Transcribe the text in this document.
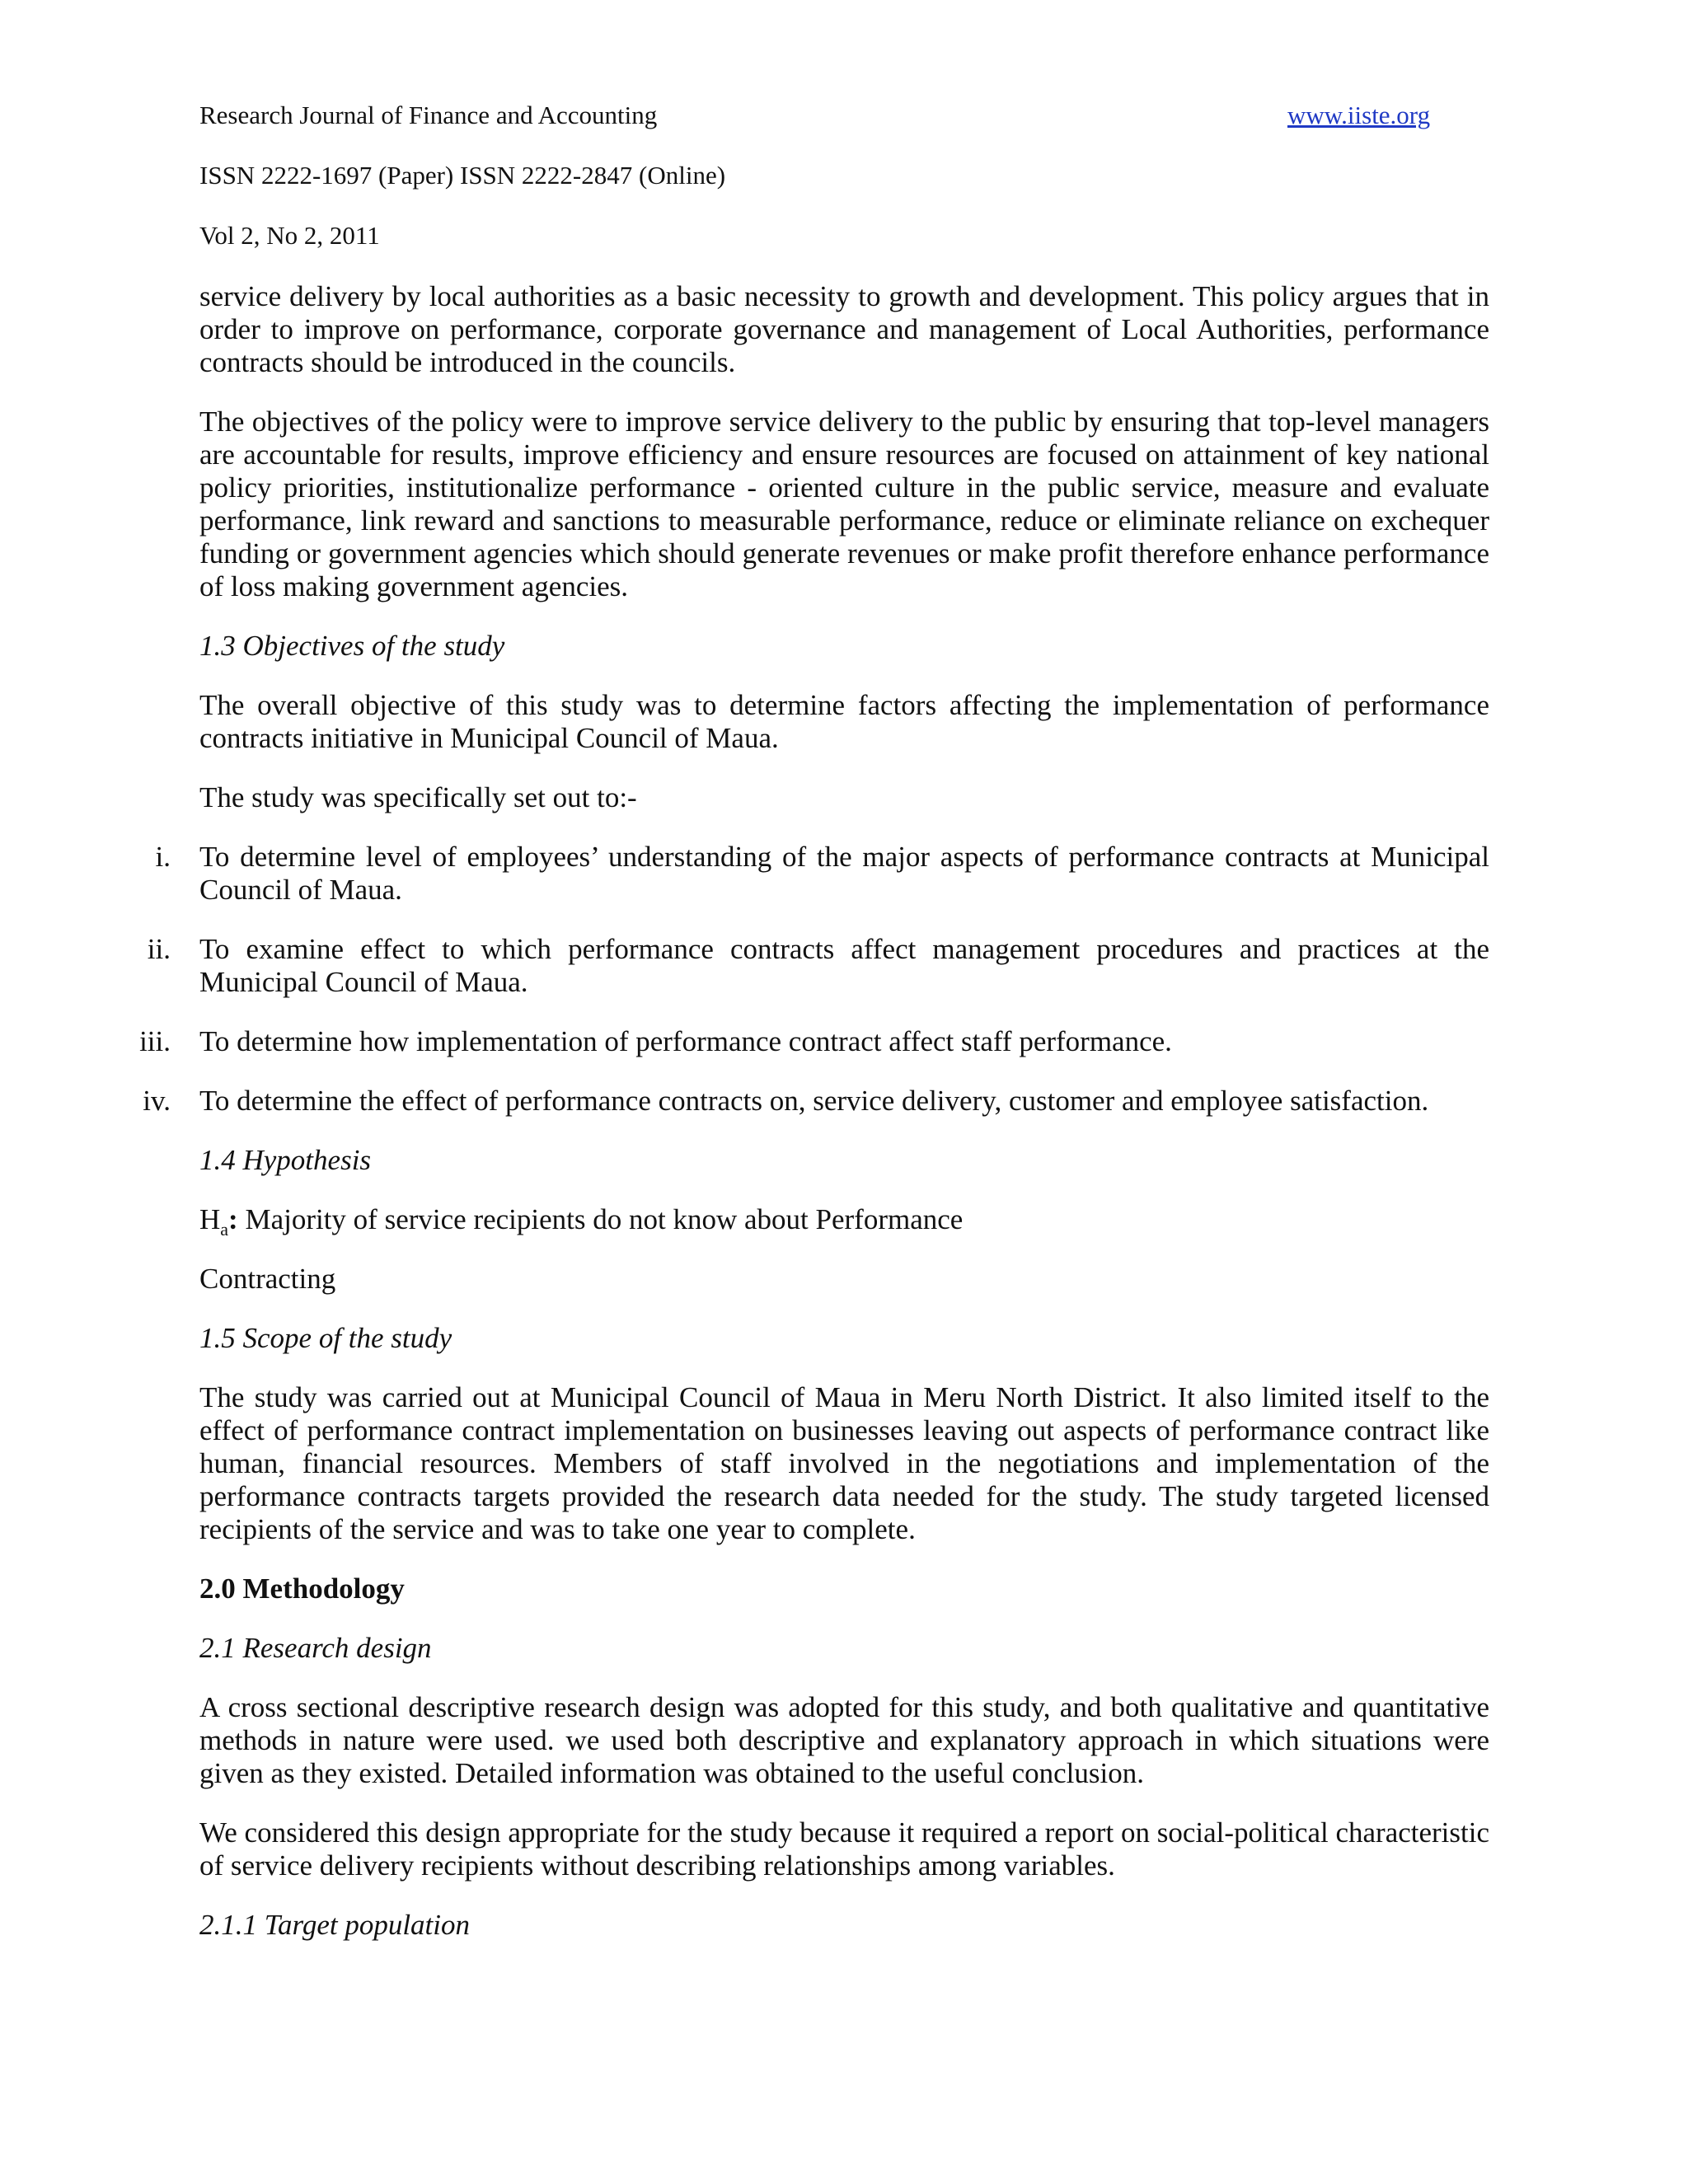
Research Journal of Finance and Accounting	www.iiste.org
ISSN 2222-1697 (Paper) ISSN 2222-2847 (Online)
Vol 2, No 2, 2011

service delivery by local authorities as a basic necessity to growth and development. This policy argues that in order to improve on performance, corporate governance and management of Local Authorities, performance contracts should be introduced in the councils.

The objectives of the policy were to improve service delivery to the public by ensuring that top-level managers are accountable for results, improve efficiency and ensure resources are focused on attainment of key national policy priorities, institutionalize performance - oriented culture in the public service, measure and evaluate performance, link reward and sanctions to measurable performance, reduce or eliminate reliance on exchequer funding or government agencies which should generate revenues or make profit therefore enhance performance of loss making government agencies.

1.3 Objectives of the study

The overall objective of this study was to determine factors affecting the implementation of performance contracts initiative in Municipal Council of Maua.

The study was specifically set out to:-

i. To determine level of employees’ understanding of the major aspects of performance contracts at Municipal Council of Maua.
ii. To examine effect to which performance contracts affect management procedures and practices at the Municipal Council of Maua.
iii. To determine how implementation of performance contract affect staff performance.
iv. To determine the effect of performance contracts on, service delivery, customer and employee satisfaction.
1.4 Hypothesis

$H_a$: Majority of service recipients do not know about Performance

Contracting

1.5 Scope of the study

The study was carried out at Municipal Council of Maua in Meru North District. It also limited itself to the effect of performance contract implementation on businesses leaving out aspects of performance contract like human, financial resources. Members of staff involved in the negotiations and implementation of the performance contracts targets provided the research data needed for the study. The study targeted licensed recipients of the service and was to take one year to complete.

2.0 Methodology
2.1 Research design

A cross sectional descriptive research design was adopted for this study, and both qualitative and quantitative methods in nature were used. we used both descriptive and explanatory approach in which situations were given as they existed. Detailed information was obtained to the useful conclusion.

We considered this design appropriate for the study because it required a report on social-political characteristic of service delivery recipients without describing relationships among variables.

2.1.1 Target population
